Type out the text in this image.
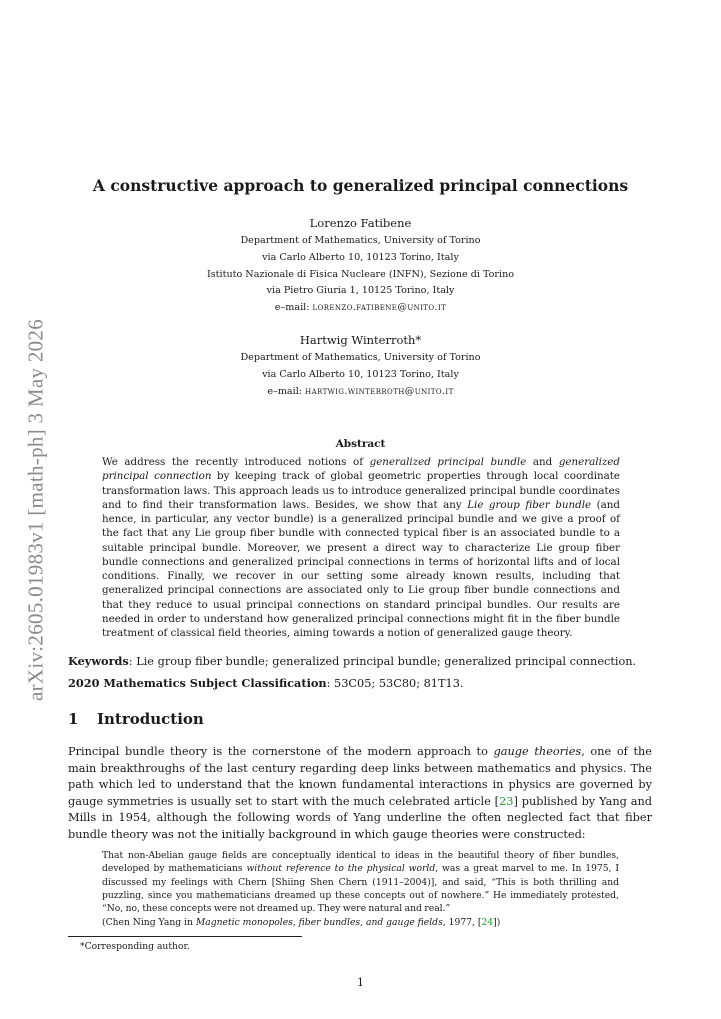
arXiv:2605.01983v1 [math-ph] 3 May 2026
A constructive approach to generalized principal connections
Lorenzo Fatibene
Department of Mathematics, University of Torino
via Carlo Alberto 10, 10123 Torino, Italy
Istituto Nazionale di Fisica Nucleare (INFN), Sezione di Torino
via Pietro Giuria 1, 10125 Torino, Italy
e–mail: lorenzo.fatibene@unito.it
Hartwig Winterroth*
Department of Mathematics, University of Torino
via Carlo Alberto 10, 10123 Torino, Italy
e–mail: hartwig.winterroth@unito.it
Abstract
We address the recently introduced notions of generalized principal bundle and generalized principal connection by keeping track of global geometric properties through local coordinate transformation laws. This approach leads us to introduce generalized principal bundle coordinates and to find their transformation laws. Besides, we show that any Lie group fiber bundle (and hence, in particular, any vector bundle) is a generalized principal bundle and we give a proof of the fact that any Lie group fiber bundle with connected typical fiber is an associated bundle to a suitable principal bundle. Moreover, we present a direct way to characterize Lie group fiber bundle connections and generalized principal connections in terms of horizontal lifts and of local conditions. Finally, we recover in our setting some already known results, including that generalized principal connections are associated only to Lie group fiber bundle connections and that they reduce to usual principal connections on standard principal bundles. Our results are needed in order to understand how generalized principal connections might fit in the fiber bundle treatment of classical field theories, aiming towards a notion of generalized gauge theory.
Keywords: Lie group fiber bundle; generalized principal bundle; generalized principal connection.
2020 Mathematics Subject Classification: 53C05; 53C80; 81T13.
1 Introduction
Principal bundle theory is the cornerstone of the modern approach to gauge theories, one of the main breakthroughs of the last century regarding deep links between mathematics and physics. The path which led to understand that the known fundamental interactions in physics are governed by gauge symmetries is usually set to start with the much celebrated article [23] published by Yang and Mills in 1954, although the following words of Yang underline the often neglected fact that fiber bundle theory was not the initially background in which gauge theories were constructed:
That non-Abelian gauge fields are conceptually identical to ideas in the beautiful theory of fiber bundles, developed by mathematicians without reference to the physical world, was a great marvel to me. In 1975, I discussed my feelings with Chern [Shiing Shen Chern (1911–2004)], and said, “This is both thrilling and puzzling, since you mathematicians dreamed up these concepts out of nowhere.” He immediately protested, “No, no, these concepts were not dreamed up. They were natural and real.”
(Chen Ning Yang in Magnetic monopoles, fiber bundles, and gauge fields, 1977, [24])
*Corresponding author.
1
